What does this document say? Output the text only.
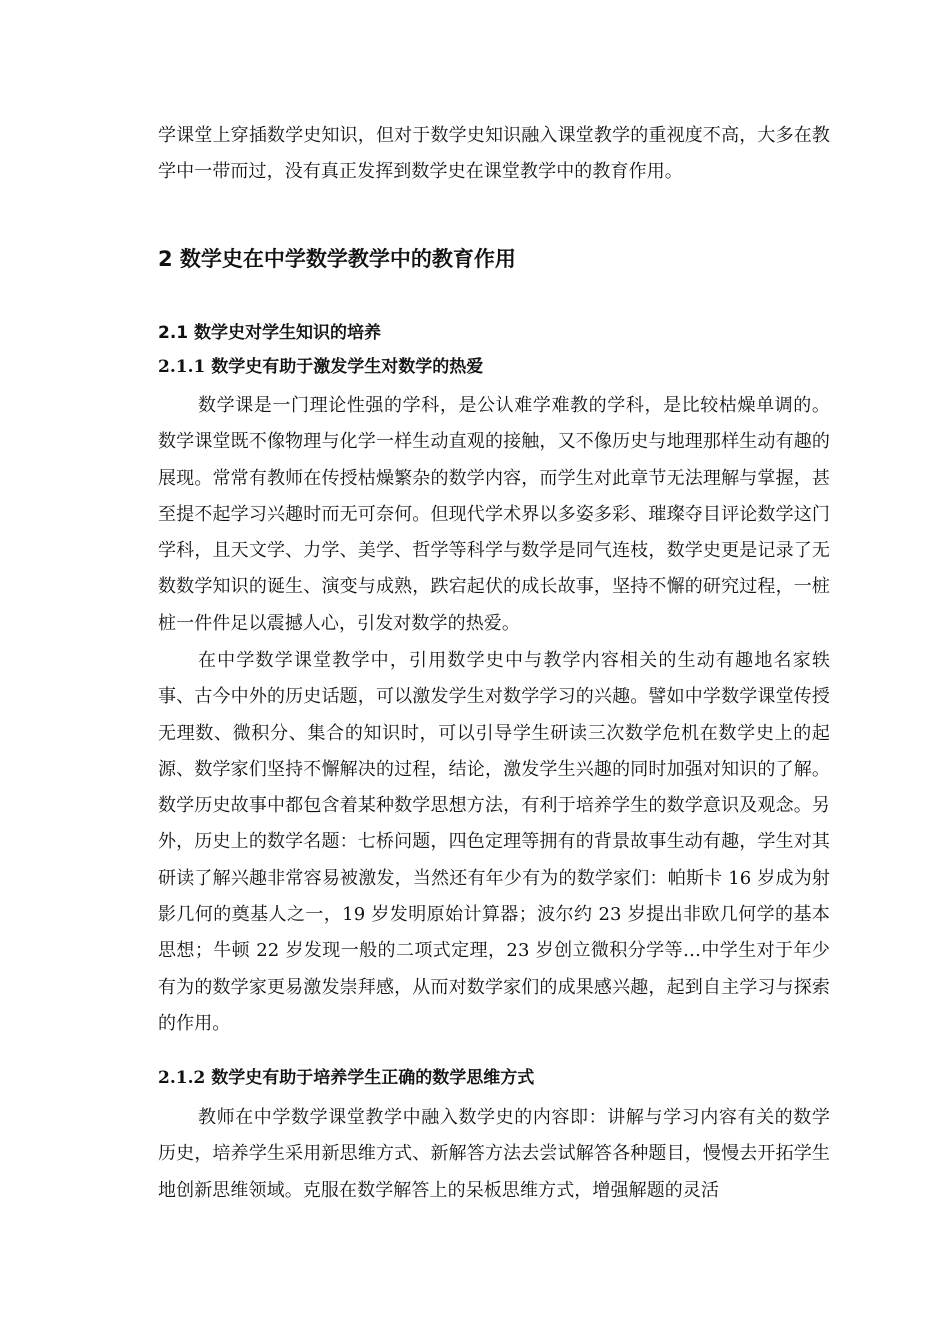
学课堂上穿插数学史知识，但对于数学史知识融入课堂教学的重视度不高，大多在教学中一带而过，没有真正发挥到数学史在课堂教学中的教育作用。

2 数学史在中学数学教学中的教育作用
2.1 数学史对学生知识的培养
2.1.1 数学史有助于激发学生对数学的热爱

数学课是一门理论性强的学科，是公认难学难教的学科，是比较枯燥单调的。数学课堂既不像物理与化学一样生动直观的接触，又不像历史与地理那样生动有趣的展现。常常有教师在传授枯燥繁杂的数学内容，而学生对此章节无法理解与掌握，甚至提不起学习兴趣时而无可奈何。但现代学术界以多姿多彩、璀璨夺目评论数学这门学科，且天文学、力学、美学、哲学等科学与数学是同气连枝，数学史更是记录了无数数学知识的诞生、演变与成熟，跌宕起伏的成长故事，坚持不懈的研究过程，一桩桩一件件足以震撼人心，引发对数学的热爱。

在中学数学课堂教学中，引用数学史中与教学内容相关的生动有趣地名家轶事、古今中外的历史话题，可以激发学生对数学学习的兴趣。譬如中学数学课堂传授无理数、微积分、集合的知识时，可以引导学生研读三次数学危机在数学史上的起源、数学家们坚持不懈解决的过程，结论，激发学生兴趣的同时加强对知识的了解。数学历史故事中都包含着某种数学思想方法，有利于培养学生的数学意识及观念。另外，历史上的数学名题：七桥问题，四色定理等拥有的背景故事生动有趣，学生对其研读了解兴趣非常容易被激发，当然还有年少有为的数学家们：帕斯卡 16 岁成为射影几何的奠基人之一，19 岁发明原始计算器；波尔约 23 岁提出非欧几何学的基本思想；牛顿 22 岁发现一般的二项式定理，23 岁创立微积分学等…中学生对于年少有为的数学家更易激发崇拜感，从而对数学家们的成果感兴趣，起到自主学习与探索的作用。

2.1.2 数学史有助于培养学生正确的数学思维方式

教师在中学数学课堂教学中融入数学史的内容即：讲解与学习内容有关的数学历史，培养学生采用新思维方式、新解答方法去尝试解答各种题目，慢慢去开拓学生地创新思维领域。克服在数学解答上的呆板思维方式，增强解题的灵活
